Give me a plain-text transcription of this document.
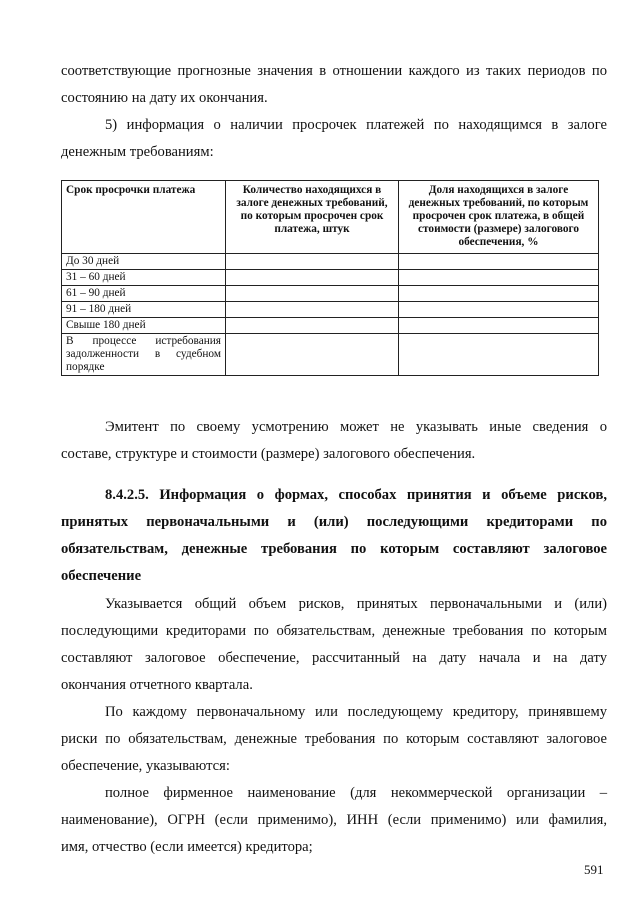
соответствующие прогнозные значения в отношении каждого из таких периодов по
состоянию на дату их окончания.
5) информация о наличии просрочек платежей по находящимся в залоге
денежным требованиям:
Срок просрочки платежа	Количество находящихся в залоге денежных требований, по которым просрочен срок платежа, штук	Доля находящихся в залоге денежных требований, по которым просрочен срок платежа, в общей стоимости (размере) залогового обеспечения, %
До 30 дней		
31 – 60 дней		
61 – 90 дней		
91 – 180 дней		
Свыше 180 дней		
В процессе истребования задолженности в судебном порядке		
Эмитент по своему усмотрению может не указывать иные сведения о
составе, структуре и стоимости (размере) залогового обеспечения.
8.4.2.5. Информация о формах, способах принятия и объеме рисков,
принятых первоначальными и (или) последующими кредиторами по
обязательствам, денежные требования по которым составляют залоговое
обеспечение
Указывается общий объем рисков, принятых первоначальными и (или)
последующими кредиторами по обязательствам, денежные требования по которым
составляют залоговое обеспечение, рассчитанный на дату начала и на дату
окончания отчетного квартала.
По каждому первоначальному или последующему кредитору, принявшему
риски по обязательствам, денежные требования по которым составляют залоговое
обеспечение, указываются:
полное фирменное наименование (для некоммерческой организации –
наименование), ОГРН (если применимо), ИНН (если применимо) или фамилия,
имя, отчество (если имеется) кредитора;
591
